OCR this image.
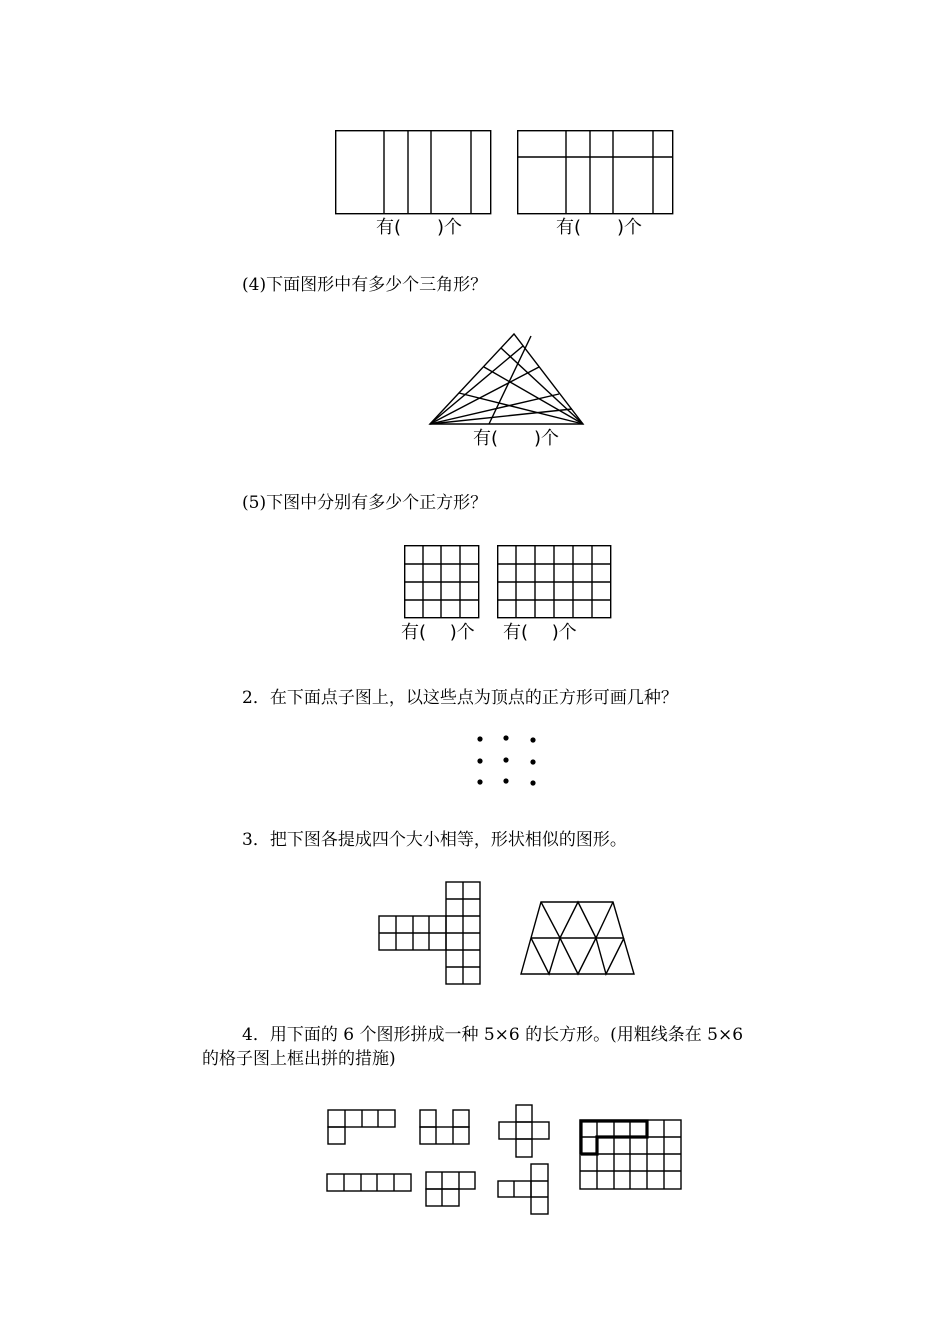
有(　　)个	有(　　)个
(4)下面图形中有多少个三角形？
有(　　)个
(5)下图中分别有多少个正方形？
有(　 )个 有(　 )个
2．在下面点子图上，以这些点为顶点的正方形可画几种？
3．把下图各提成四个大小相等，形状相似的图形。
4．用下面的 6 个图形拼成一种 5×6 的长方形。(用粗线条在 5×6
的格子图上框出拼的措施)
